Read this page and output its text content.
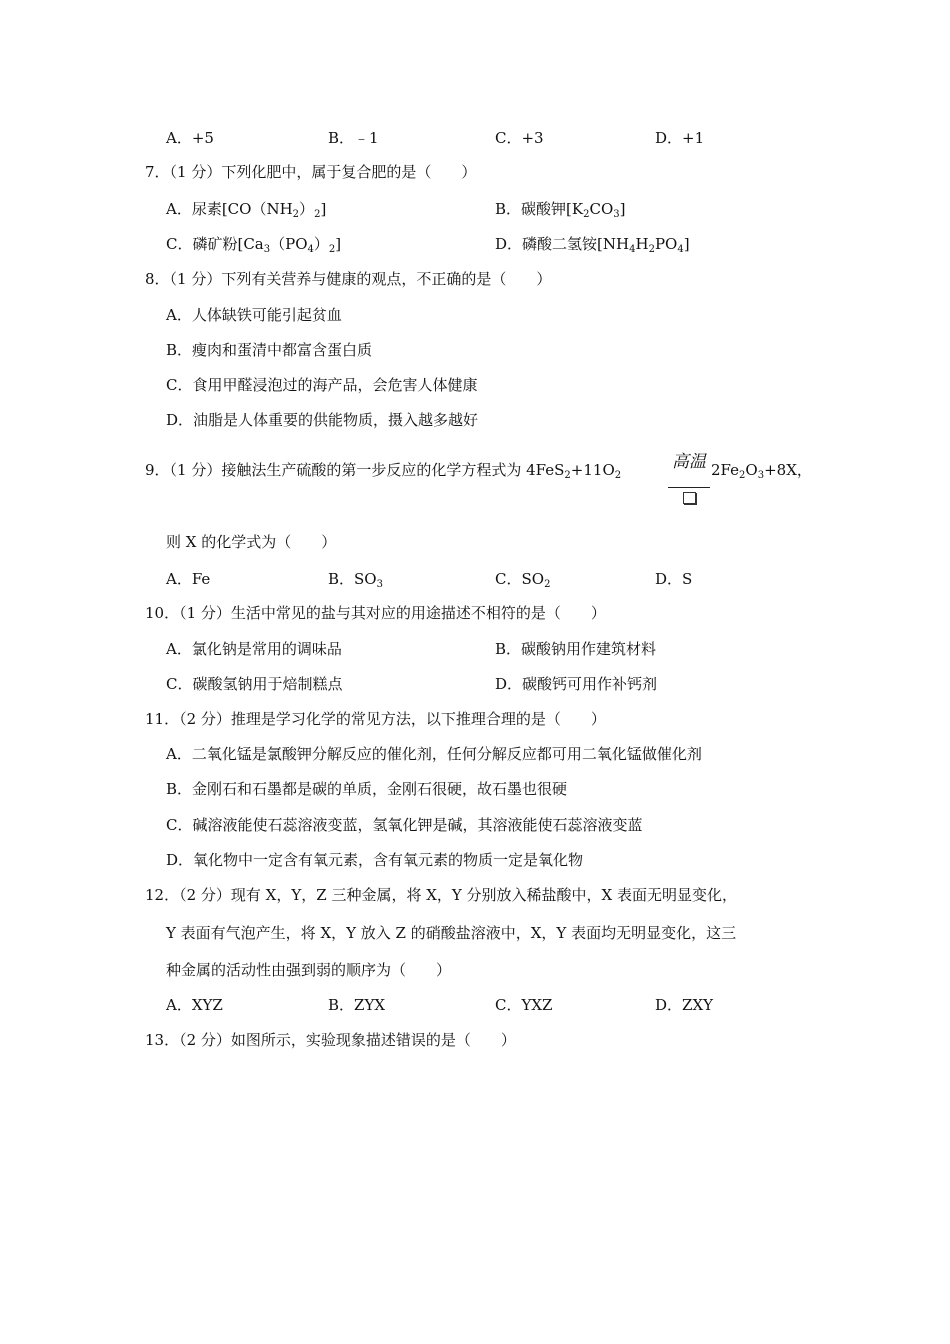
A．+5	B．﹣1	C．+3	D．+1
7．（1 分）下列化肥中，属于复合肥的是（　　）
A．尿素$[CO(NH_2)_2]$	B．碳酸钾$[K_2CO_3]$
C．磷矿粉$[Ca_3(PO_4)_2]$	D．磷酸二氢铵$[NH_4H_2PO_4]$
8．（1 分）下列有关营养与健康的观点，不正确的是（　　）
A．人体缺铁可能引起贫血
B．瘦肉和蛋清中都富含蛋白质
C．食用甲醛浸泡过的海产品，会危害人体健康
D．油脂是人体重要的供能物质，摄入越多越好
9．（1 分）接触法生产硫酸的第一步反应的化学方程式为 $4FeS_2+11O_2$
高温 $2Fe_2O_3+8X$，
则 X 的化学式为（　　）
A．Fe	B．$SO_3$	C．$SO_2$	D．S
10．（1 分）生活中常见的盐与其对应的用途描述不相符的是（　　）
A．氯化钠是常用的调味品	B．碳酸钠用作建筑材料
C．碳酸氢钠用于焙制糕点	D．碳酸钙可用作补钙剂
11．（2 分）推理是学习化学的常见方法，以下推理合理的是（　　）
A．二氧化锰是氯酸钾分解反应的催化剂，任何分解反应都可用二氧化锰做催化剂
B．金刚石和石墨都是碳的单质，金刚石很硬，故石墨也很硬
C．碱溶液能使石蕊溶液变蓝，氢氧化钾是碱，其溶液能使石蕊溶液变蓝
D．氧化物中一定含有氧元素，含有氧元素的物质一定是氧化物
12．（2 分）现有 X，Y，Z 三种金属，将 X，Y 分别放入稀盐酸中，X 表面无明显变化，
Y 表面有气泡产生，将 X，Y 放入 Z 的硝酸盐溶液中，X，Y 表面均无明显变化，这三
种金属的活动性由强到弱的顺序为（　　）
A．XYZ	B．ZYX	C．YXZ	D．ZXY
13．（2 分）如图所示，实验现象描述错误的是（　　）
